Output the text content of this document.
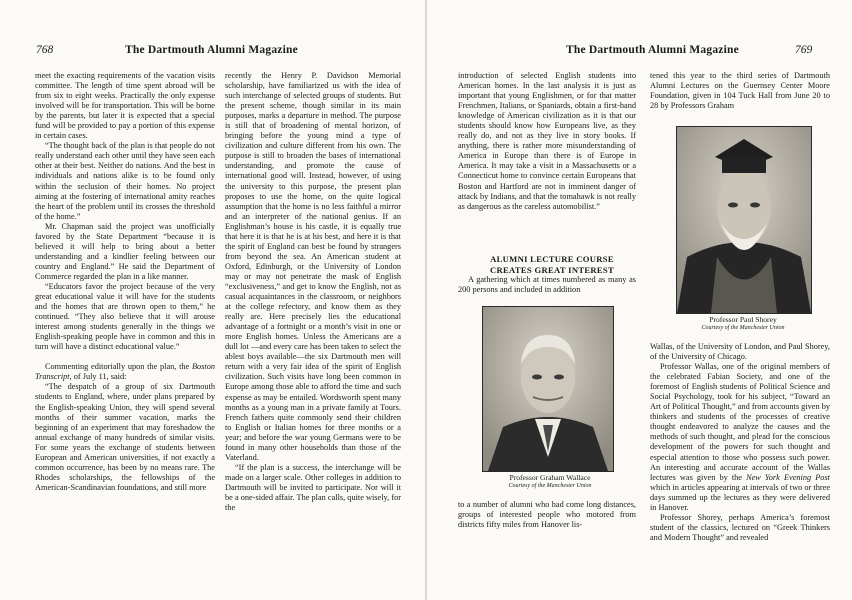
768	The Dartmouth Alumni Magazine

meet the exacting requirements of the vacation visits committee. The length of time spent abroad will be from six to eight weeks. Practically the only expense involved will be for transportation. This will be borne by the parents, but later it is expected that a special fund will be provided to pay a portion of this expense in certain cases.

“The thought back of the plan is that people do not really understand each other until they have seen each other at their best. Neither do nations. And the best in individuals and nations alike is to be found only within the seclusion of their homes. No project aiming at the fostering of international amity reaches the heart of the problem until its crosses the threshold of the home.”

Mr. Chapman said the project was unofficially favored by the State Department “because it is believed it will help to bring about a better understanding and a kindlier feeling between our country and England.” He said the Department of Commerce regarded the plan in a like manner.

“Educators favor the project because of the very great educational value it will have for the students and the homes that are thrown open to them,” he continued. “They also believe that it will arouse interest among students generally in the things we English-speaking people have in common and this in turn will have a distinct educational value.”

Commenting editorially upon the plan, the Boston Transcript, of July 11, said:

“The despatch of a group of six Dartmouth students to England, where, under plans prepared by the English-speaking Union, they will spend several months of their summer vacation, marks the beginning of an experiment that may foreshadow the annual exchange of many hundreds of similar visits. For some years the exchange of students between European and American universities, if not exactly a common occurrence, has been by no means rare. The Rhodes scholarships, the fellowships of the American-Scandinavian foundations, and still more

recently the Henry P. Davidson Memorial scholarship, have familiarized us with the idea of such interchange of selected groups of students. But the present scheme, though similar in its main purposes, marks a departure in method. The purpose is still that of broadening of mental horizon, of bringing before the young mind a type of civilization and culture different from his own. The purpose is still to broaden the bases of international understanding, and promote the cause of international good will. Instead, however, of using the university to this purpose, the present plan proposes to use the home, on the quite logical assumption that the home is no less faithful a mirror and an interpreter of the national genius. If an Englishman’s house is his castle, it is equally true that here it is that he is at his best, and here it is that the spirit of England can best be found by strangers from beyond the sea. An American student at Oxford, Edinburgh, or the University of London may or may not penetrate the mask of English “exclusiveness,” and get to know the English, not as casual acquaintances in the classroom, or neighbors at the college refectory, and know them as they really are. Here precisely lies the educational advantage of a fortnight or a month’s visit in one or more English homes. Unless the Americans are a dull lot —and every care has been taken to select the ablest boys available—the six Dartmouth men will return with a very fair idea of the spirit of English civilization. Such visits have long been common in Europe among those able to afford the time and such expense as may be entailed. Wordsworth spent many months as a young man in a private family at Tours. French fathers quite commonly send their children to English or Italian homes for three months or a year; and before the war young Germans were to be found in many other households than those of the Vaterland.

“If the plan is a success, the interchange will be made on a larger scale. Other colleges in addition to Dartmouth will be invited to participate. Nor will it be a one-sided affair. The plan calls, quite wisely, for the

The Dartmouth Alumni Magazine	769

introduction of selected English students into American homes. In the last analysis it is just as important that young Englishmen, or for that matter Frenchmen, Italians, or Spaniards, obtain a first-hand knowledge of American civilization as it is that our students should know how Europeans live, as they really do, and not as they live in story books. If anything, there is rather more misunderstanding of America in Europe than there is of Europe in America. It may take a visit in a Massachusetts or a Connecticut home to convince certain Europeans that Boston and Hartford are not in imminent danger of attack by Indians, and that the tomahawk is not really as dangerous as the careless automobilist.”

ALUMNI LECTURE COURSE

CREATES GREAT INTEREST

A gathering which at times numbered as many as 200 persons and included in addition

Professor Graham Wallace
Courtesy of the Manchester Union

to a number of alumni who had come long distances, groups of interested people who motored from districts fifty miles from Hanover lis-

tened this year to the third series of Dartmouth Alumni Lectures on the Guernsey Center Moore Foundation, given in 104 Tuck Hall from June 20 to 28 by Professors Graham

Professor Paul Shorey
Courtesy of the Manchester Union

Wallas, of the University of London, and Paul Shorey, of the University of Chicago.

Professor Wallas, one of the original members of the celebrated Fabian Society, and one of the foremost of English students of Political Science and Social Psychology, took for his subject, “Toward an Art of Political Thought,” and from accounts given by thinkers and students of the processes of creative thought endeavored to analyze the causes and the methods of such thought, and plead for the conscious development of the powers for such thought and especial attention to those who possess such power. An interesting and accurate account of the Wallas lectures was given by the New York Evening Post which in articles appearing at intervals of two or three days summed up the lectures as they were delivered in Hanover.

Professor Shorey, perhaps America’s foremost student of the classics, lectured on “Greek Thinkers and Modern Thought” and revealed
